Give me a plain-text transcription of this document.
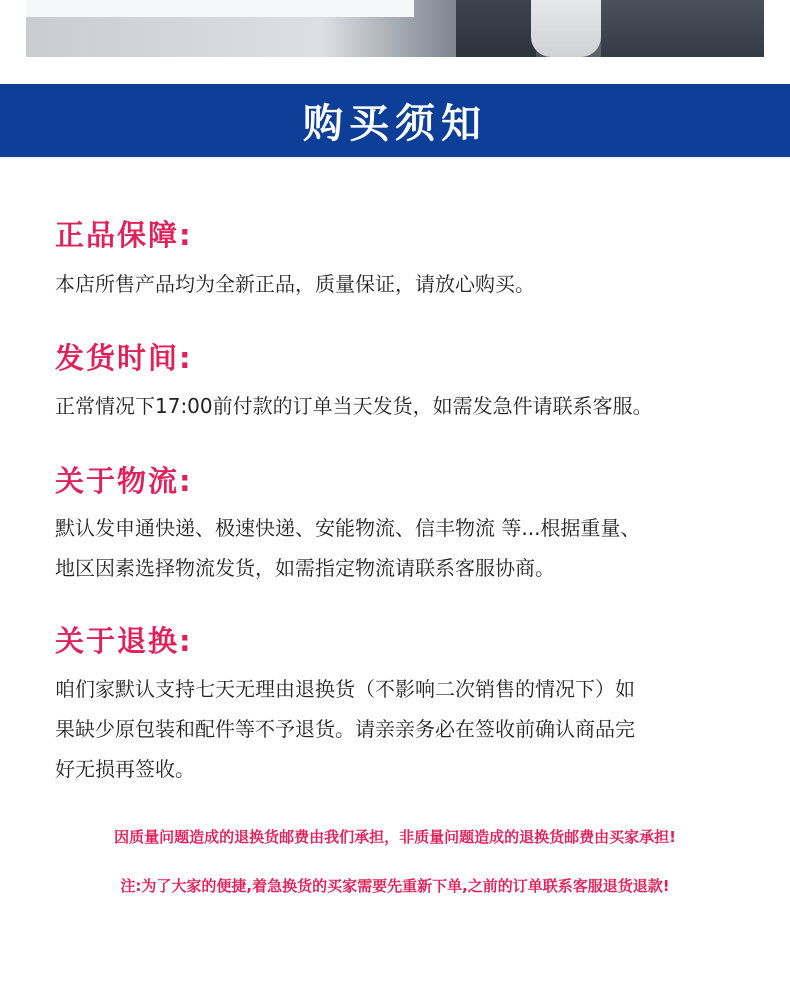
购买须知
正品保障:
本店所售产品均为全新正品，质量保证，请放心购买。
发货时间:
正常情况下17:00前付款的订单当天发货，如需发急件请联系客服。
关于物流:
默认发申通快递、极速快递、安能物流、信丰物流 等...根据重量、
地区因素选择物流发货，如需指定物流请联系客服协商。
关于退换:
咱们家默认支持七天无理由退换货（不影响二次销售的情况下）如
果缺少原包装和配件等不予退货。请亲亲务必在签收前确认商品完
好无损再签收。
因质量问题造成的退换货邮费由我们承担，非质量问题造成的退换货邮费由买家承担!
注:为了大家的便捷,着急换货的买家需要先重新下单,之前的订单联系客服退货退款!
